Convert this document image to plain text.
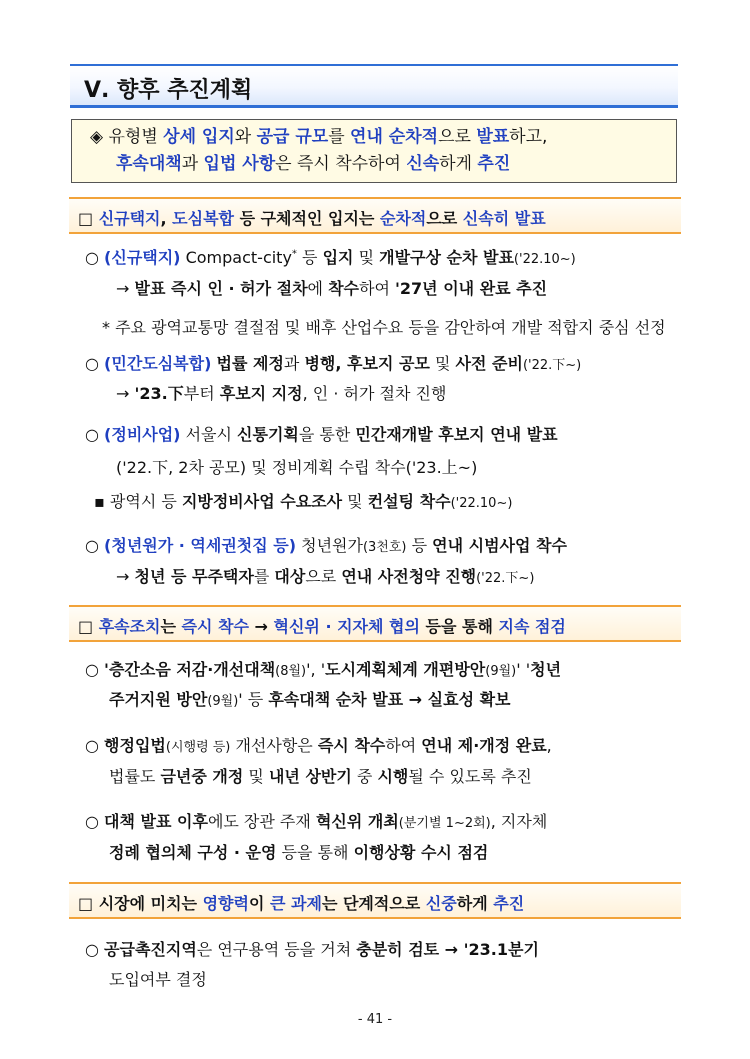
Ⅴ. 향후 추진계획
◈ 유형별 상세 입지와 공급 규모를 연내 순차적으로 발표하고,
후속대책과 입법 사항은 즉시 착수하여 신속하게 추진
□ 신규택지, 도심복합 등 구체적인 입지는 순차적으로 신속히 발표
□ 후속조치는 즉시 착수 → 혁신위 · 지자체 협의 등을 통해 지속 점검
□ 시장에 미치는 영향력이 큰 과제는 단계적으로 신중하게 추진
○ (신규택지) Compact-city* 등 입지 및 개발구상 순차 발표('22.10~)
→ 발표 즉시 인 · 허가 절차에 착수하여 '27년 이내 완료 추진
* 주요 광역교통망 결절점 및 배후 산업수요 등을 감안하여 개발 적합지 중심 선정
○ (민간도심복합) 법률 제정과 병행, 후보지 공모 및 사전 준비('22.下~)
→ '23.下부터 후보지 지정, 인 · 허가 절차 진행
○ (정비사업) 서울시 신통기획을 통한 민간재개발 후보지 연내 발표
('22.下, 2차 공모) 및 정비계획 수립 착수('23.上~)
▪ 광역시 등 지방정비사업 수요조사 및 컨설팅 착수('22.10~)
○ (청년원가 · 역세권첫집 등) 청년원가(3천호) 등 연내 시범사업 착수
→ 청년 등 무주택자를 대상으로 연내 사전청약 진행('22.下~)
○ '층간소음 저감·개선대책(8월)', '도시계획체계 개편방안(9월)' '청년
주거지원 방안(9월)' 등 후속대책 순차 발표 → 실효성 확보
○ 행정입법(시행령 등) 개선사항은 즉시 착수하여 연내 제·개정 완료,
법률도 금년중 개정 및 내년 상반기 중 시행될 수 있도록 추진
○ 대책 발표 이후에도 장관 주재 혁신위 개최(분기별 1~2회), 지자체
정례 협의체 구성 · 운영 등을 통해 이행상황 수시 점검
○ 공급촉진지역은 연구용역 등을 거쳐 충분히 검토 → '23.1분기
도입여부 결정
- 41 -
